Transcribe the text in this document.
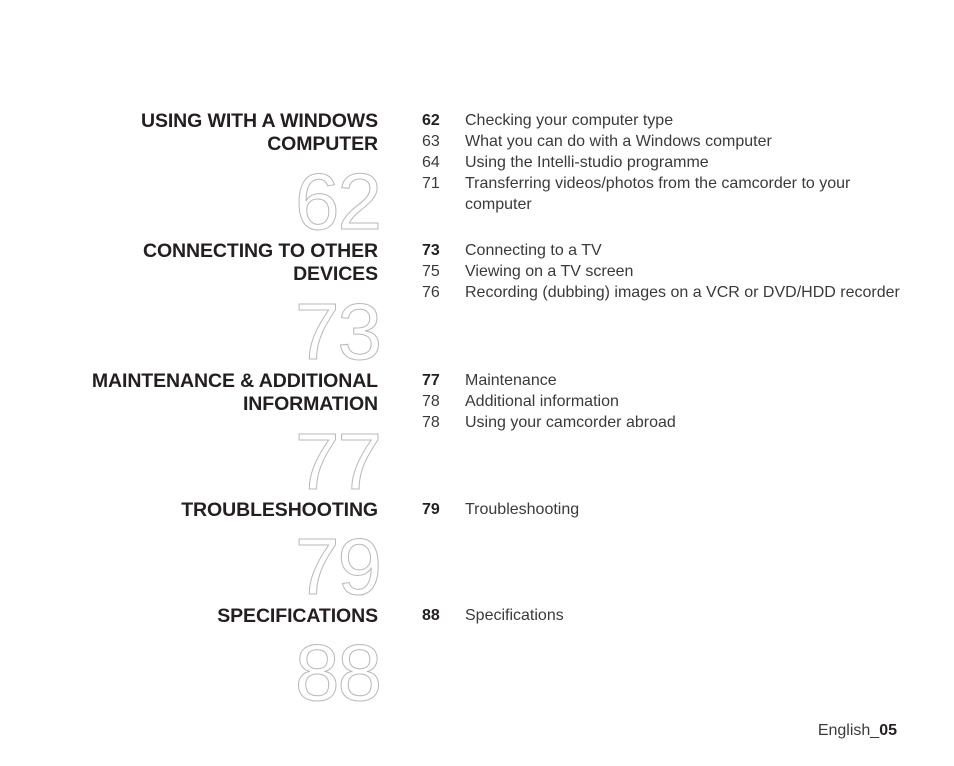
USING WITH A WINDOWS
COMPUTER
62
62	Checking your computer type
63	What you can do with a Windows computer
64	Using the Intelli-studio programme
71	Transferring videos/photos from the camcorder to your computer
CONNECTING TO OTHER
DEVICES
73
73	Connecting to a TV
75	Viewing on a TV screen
76	Recording (dubbing) images on a VCR or DVD/HDD recorder
MAINTENANCE & ADDITIONAL
INFORMATION
77
77	Maintenance
78	Additional information
78	Using your camcorder abroad
TROUBLESHOOTING
79
79	Troubleshooting
SPECIFICATIONS
88
88	Specifications
English_05
